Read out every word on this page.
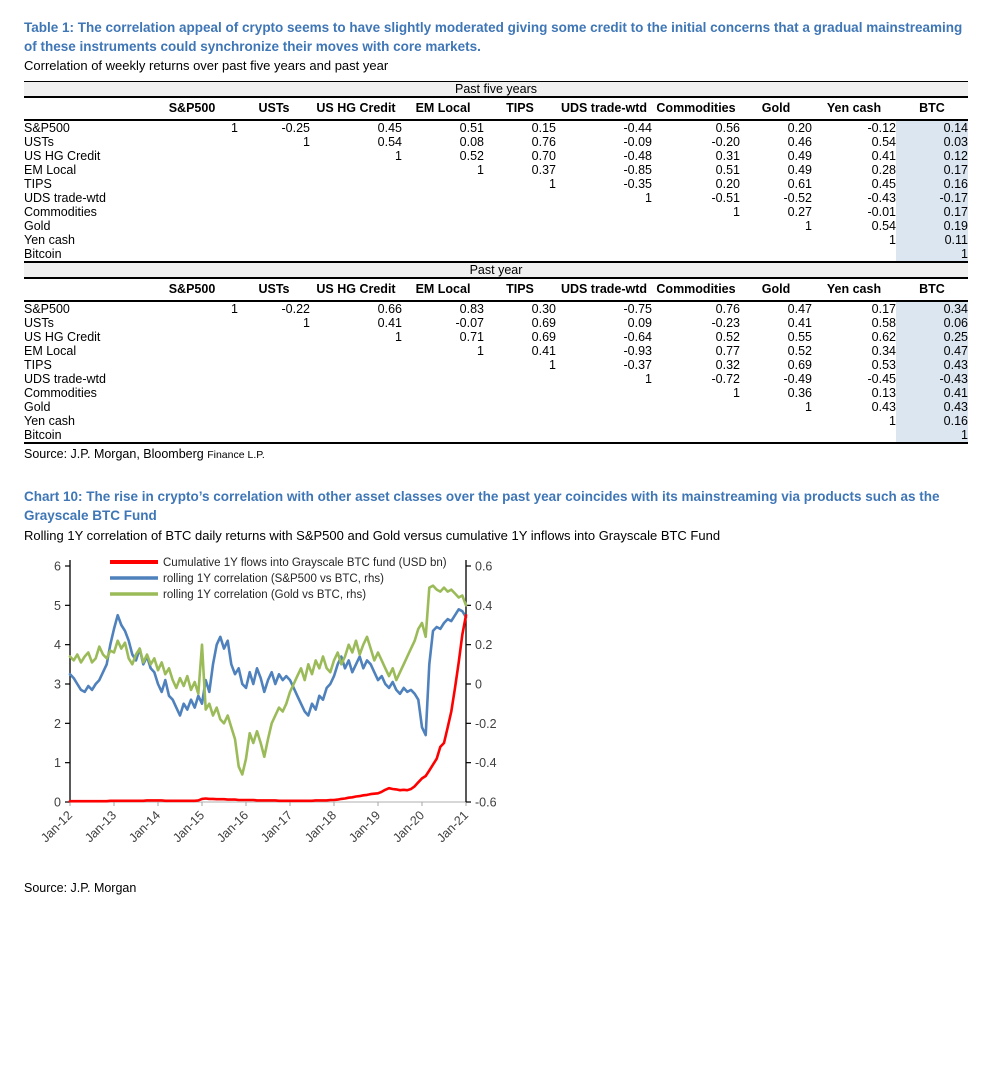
Table 1: The correlation appeal of crypto seems to have slightly moderated giving some credit to the initial concerns that a gradual mainstreaming of these instruments could synchronize their moves with core markets.
Correlation of weekly returns over past five years and past year
Past five years										
	S&P500	USTs	US HG Credit	EM Local	TIPS	UDS trade-wtd	Commodities	Gold	Yen cash	BTC
S&P500	1	-0.25	0.45	0.51	0.15	-0.44	0.56	0.20	-0.12	0.14
USTs		1	0.54	0.08	0.76	-0.09	-0.20	0.46	0.54	0.03
US HG Credit			1	0.52	0.70	-0.48	0.31	0.49	0.41	0.12
EM Local				1	0.37	-0.85	0.51	0.49	0.28	0.17
TIPS					1	-0.35	0.20	0.61	0.45	0.16
UDS trade-wtd						1	-0.51	-0.52	-0.43	-0.17
Commodities							1	0.27	-0.01	0.17
Gold								1	0.54	0.19
Yen cash									1	0.11
Bitcoin										1
Past year										
	S&P500	USTs	US HG Credit	EM Local	TIPS	UDS trade-wtd	Commodities	Gold	Yen cash	BTC
S&P500	1	-0.22	0.66	0.83	0.30	-0.75	0.76	0.47	0.17	0.34
USTs		1	0.41	-0.07	0.69	0.09	-0.23	0.41	0.58	0.06
US HG Credit			1	0.71	0.69	-0.64	0.52	0.55	0.62	0.25
EM Local				1	0.41	-0.93	0.77	0.52	0.34	0.47
TIPS					1	-0.37	0.32	0.69	0.53	0.43
UDS trade-wtd						1	-0.72	-0.49	-0.45	-0.43
Commodities							1	0.36	0.13	0.41
Gold								1	0.43	0.43
Yen cash									1	0.16
Bitcoin										1
Source: J.P. Morgan, Bloomberg Finance L.P.
Chart 10: The rise in crypto’s correlation with other asset classes over the past year coincides with its mainstreaming via products such as the Grayscale BTC Fund
Rolling 1Y correlation of BTC daily returns with S&P500 and Gold versus cumulative 1Y inflows into Grayscale BTC Fund
Jan-12 Jan-13 Jan-14 Jan-15 Jan-16 Jan-17 Jan-18 Jan-19 Jan-20 Jan-21
0
1
2
3
4
5
6
-0.6
-0.4
-0.2
0
0.2
0.4
0.6
Cumulative 1Y flows into Grayscale BTC fund (USD bn)
rolling 1Y correlation (S&P500 vs BTC, rhs)
rolling 1Y correlation (Gold vs BTC, rhs)
Source: J.P. Morgan
